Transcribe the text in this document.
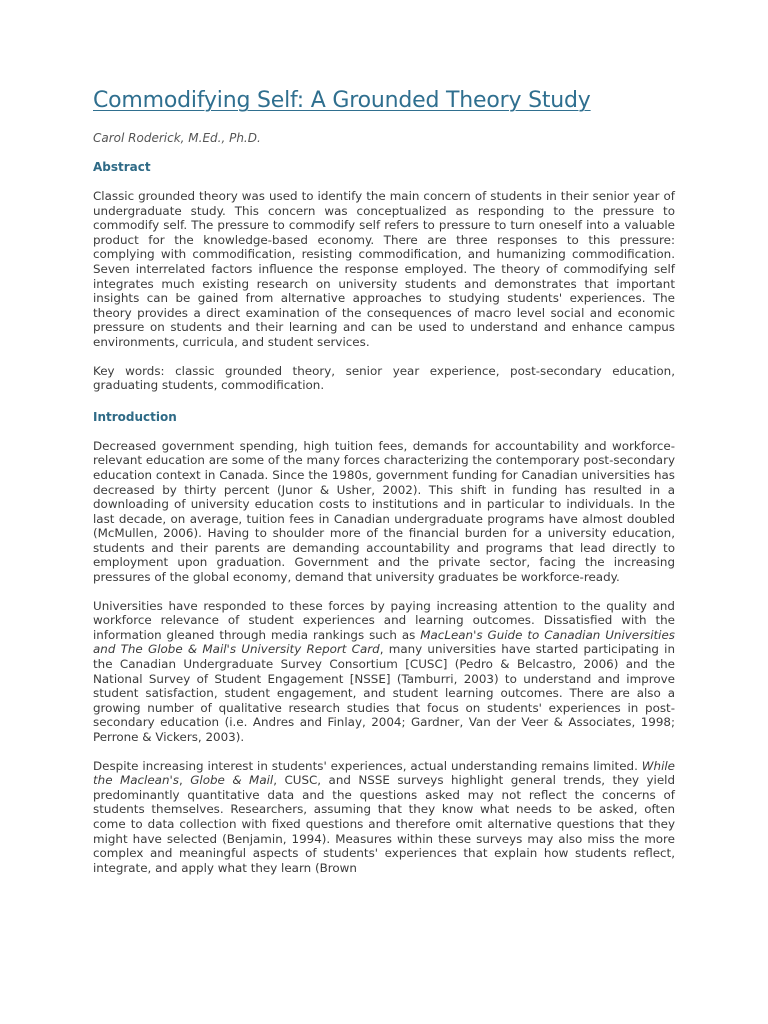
Commodifying Self: A Grounded Theory Study

Carol Roderick, M.Ed., Ph.D.

Abstract

Classic grounded theory was used to identify the main concern of students in their senior year of undergraduate study. This concern was conceptualized as responding to the pressure to commodify self. The pressure to commodify self refers to pressure to turn oneself into a valuable product for the knowledge-based economy. There are three responses to this pressure: complying with commodification, resisting commodification, and humanizing commodification. Seven interrelated factors influence the response employed. The theory of commodifying self integrates much existing research on university students and demonstrates that important insights can be gained from alternative approaches to studying students' experiences. The theory provides a direct examination of the consequences of macro level social and economic pressure on students and their learning and can be used to understand and enhance campus environments, curricula, and student services.

Key words: classic grounded theory, senior year experience, post-secondary education, graduating students, commodification.

Introduction

Decreased government spending, high tuition fees, demands for accountability and workforce-relevant education are some of the many forces characterizing the contemporary post-secondary education context in Canada. Since the 1980s, government funding for Canadian universities has decreased by thirty percent (Junor & Usher, 2002). This shift in funding has resulted in a downloading of university education costs to institutions and in particular to individuals. In the last decade, on average, tuition fees in Canadian undergraduate programs have almost doubled (McMullen, 2006). Having to shoulder more of the financial burden for a university education, students and their parents are demanding accountability and programs that lead directly to employment upon graduation. Government and the private sector, facing the increasing pressures of the global economy, demand that university graduates be workforce-ready.

Universities have responded to these forces by paying increasing attention to the quality and workforce relevance of student experiences and learning outcomes. Dissatisfied with the information gleaned through media rankings such as MacLean's Guide to Canadian Universities and The Globe & Mail's University Report Card, many universities have started participating in the Canadian Undergraduate Survey Consortium [CUSC] (Pedro & Belcastro, 2006) and the National Survey of Student Engagement [NSSE] (Tamburri, 2003) to understand and improve student satisfaction, student engagement, and student learning outcomes. There are also a growing number of qualitative research studies that focus on students' experiences in post-secondary education (i.e. Andres and Finlay, 2004; Gardner, Van der Veer & Associates, 1998; Perrone & Vickers, 2003).

Despite increasing interest in students' experiences, actual understanding remains limited. While the Maclean's, Globe & Mail, CUSC, and NSSE surveys highlight general trends, they yield predominantly quantitative data and the questions asked may not reflect the concerns of students themselves. Researchers, assuming that they know what needs to be asked, often come to data collection with fixed questions and therefore omit alternative questions that they might have selected (Benjamin, 1994). Measures within these surveys may also miss the more complex and meaningful aspects of students' experiences that explain how students reflect, integrate, and apply what they learn (Brown
